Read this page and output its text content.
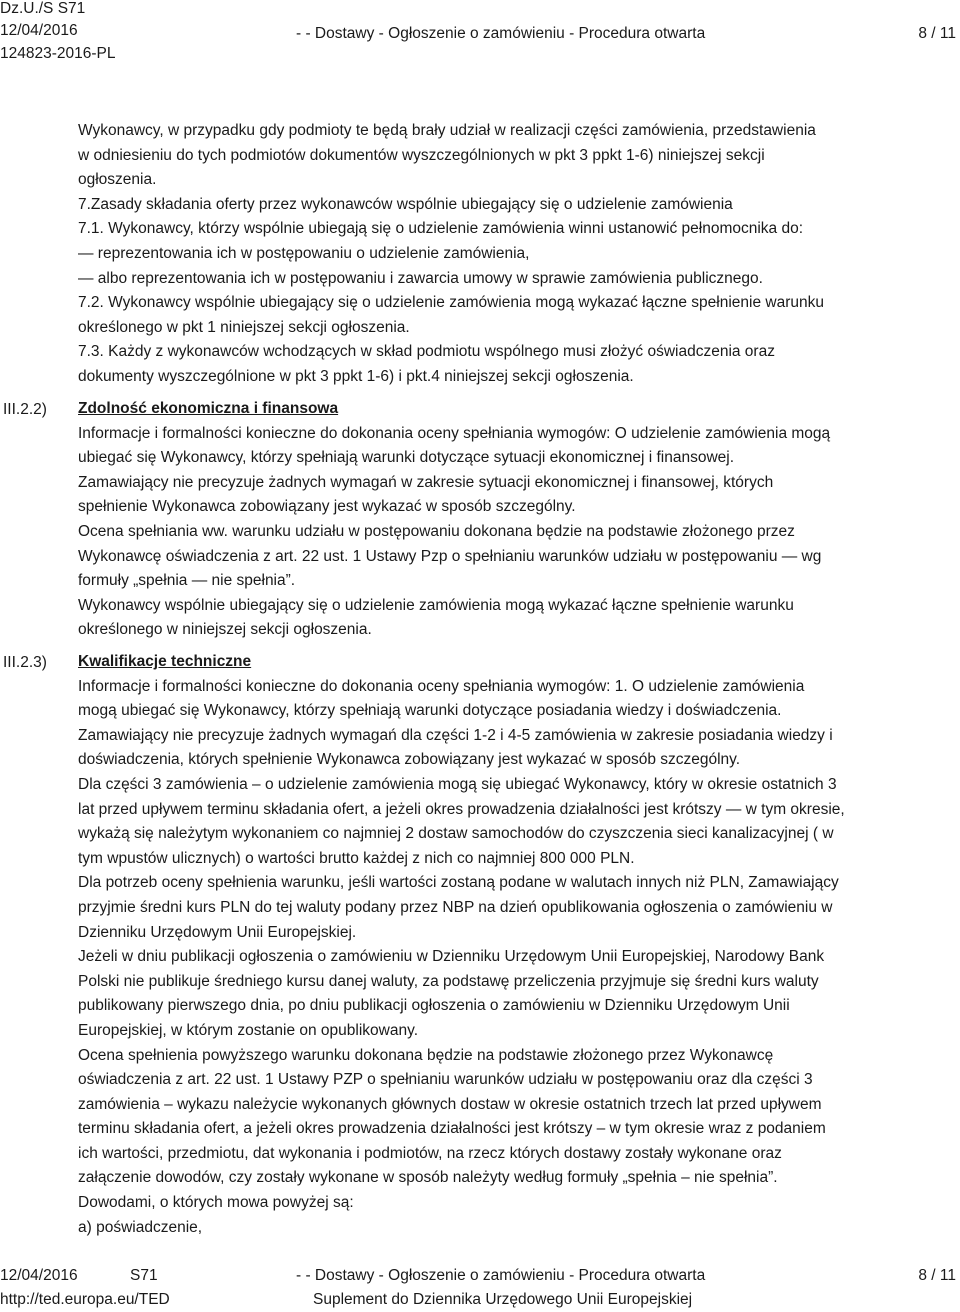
Dz.U./S S71
12/04/2016
124823-2016-PL
- - Dostawy - Ogłoszenie o zamówieniu - Procedura otwarta	8 / 11

Wykonawcy, w przypadku gdy podmioty te będą brały udział w realizacji części zamówienia, przedstawienia

w odniesieniu do tych podmiotów dokumentów wyszczególnionych w pkt 3 ppkt 1-6) niniejszej sekcji

ogłoszenia.

7.Zasady składania oferty przez wykonawców wspólnie ubiegający się o udzielenie zamówienia

7.1. Wykonawcy, którzy wspólnie ubiegają się o udzielenie zamówienia winni ustanowić pełnomocnika do:

— reprezentowania ich w postępowaniu o udzielenie zamówienia,

— albo reprezentowania ich w postępowaniu i zawarcia umowy w sprawie zamówienia publicznego.

7.2. Wykonawcy wspólnie ubiegający się o udzielenie zamówienia mogą wykazać łączne spełnienie warunku

określonego w pkt 1 niniejszej sekcji ogłoszenia.

7.3. Każdy z wykonawców wchodzących w skład podmiotu wspólnego musi złożyć oświadczenia oraz

dokumenty wyszczególnione w pkt 3 ppkt 1-6) i pkt.4 niniejszej sekcji ogłoszenia.

III.2.2) Zdolność ekonomiczna i finansowa

Informacje i formalności konieczne do dokonania oceny spełniania wymogów: O udzielenie zamówienia mogą

ubiegać się Wykonawcy, którzy spełniają warunki dotyczące sytuacji ekonomicznej i finansowej.

Zamawiający nie precyzuje żadnych wymagań w zakresie sytuacji ekonomicznej i finansowej, których

spełnienie Wykonawca zobowiązany jest wykazać w sposób szczególny.

Ocena spełniania ww. warunku udziału w postępowaniu dokonana będzie na podstawie złożonego przez

Wykonawcę oświadczenia z art. 22 ust. 1 Ustawy Pzp o spełnianiu warunków udziału w postępowaniu — wg

formuły „spełnia — nie spełnia”.

Wykonawcy wspólnie ubiegający się o udzielenie zamówienia mogą wykazać łączne spełnienie warunku

określonego w niniejszej sekcji ogłoszenia.

III.2.3) Kwalifikacje techniczne

Informacje i formalności konieczne do dokonania oceny spełniania wymogów: 1. O udzielenie zamówienia

mogą ubiegać się Wykonawcy, którzy spełniają warunki dotyczące posiadania wiedzy i doświadczenia.

Zamawiający nie precyzuje żadnych wymagań dla części 1-2 i 4-5 zamówienia w zakresie posiadania wiedzy i

doświadczenia, których spełnienie Wykonawca zobowiązany jest wykazać w sposób szczególny.

Dla części 3 zamówienia – o udzielenie zamówienia mogą się ubiegać Wykonawcy, który w okresie ostatnich 3

lat przed upływem terminu składania ofert, a jeżeli okres prowadzenia działalności jest krótszy — w tym okresie,

wykażą się należytym wykonaniem co najmniej 2 dostaw samochodów do czyszczenia sieci kanalizacyjnej ( w

tym wpustów ulicznych) o wartości brutto każdej z nich co najmniej 800 000 PLN.

Dla potrzeb oceny spełnienia warunku, jeśli wartości zostaną podane w walutach innych niż PLN, Zamawiający

przyjmie średni kurs PLN do tej waluty podany przez NBP na dzień opublikowania ogłoszenia o zamówieniu w

Dzienniku Urzędowym Unii Europejskiej.

Jeżeli w dniu publikacji ogłoszenia o zamówieniu w Dzienniku Urzędowym Unii Europejskiej, Narodowy Bank

Polski nie publikuje średniego kursu danej waluty, za podstawę przeliczenia przyjmuje się średni kurs waluty

publikowany pierwszego dnia, po dniu publikacji ogłoszenia o zamówieniu w Dzienniku Urzędowym Unii

Europejskiej, w którym zostanie on opublikowany.

Ocena spełnienia powyższego warunku dokonana będzie na podstawie złożonego przez Wykonawcę

oświadczenia z art. 22 ust. 1 Ustawy PZP o spełnianiu warunków udziału w postępowaniu oraz dla części 3

zamówienia – wykazu należycie wykonanych głównych dostaw w okresie ostatnich trzech lat przed upływem

terminu składania ofert, a jeżeli okres prowadzenia działalności jest krótszy – w tym okresie wraz z podaniem

ich wartości, przedmiotu, dat wykonania i podmiotów, na rzecz których dostawy zostały wykonane oraz

załączenie dowodów, czy zostały wykonane w sposób należyty według formuły „spełnia – nie spełnia”.

Dowodami, o których mowa powyżej są:

a) poświadczenie,

12/04/2016	S71
http://ted.europa.eu/TED
- - Dostawy - Ogłoszenie o zamówieniu - Procedura otwarta
Suplement do Dziennika Urzędowego Unii Europejskiej
8 / 11
